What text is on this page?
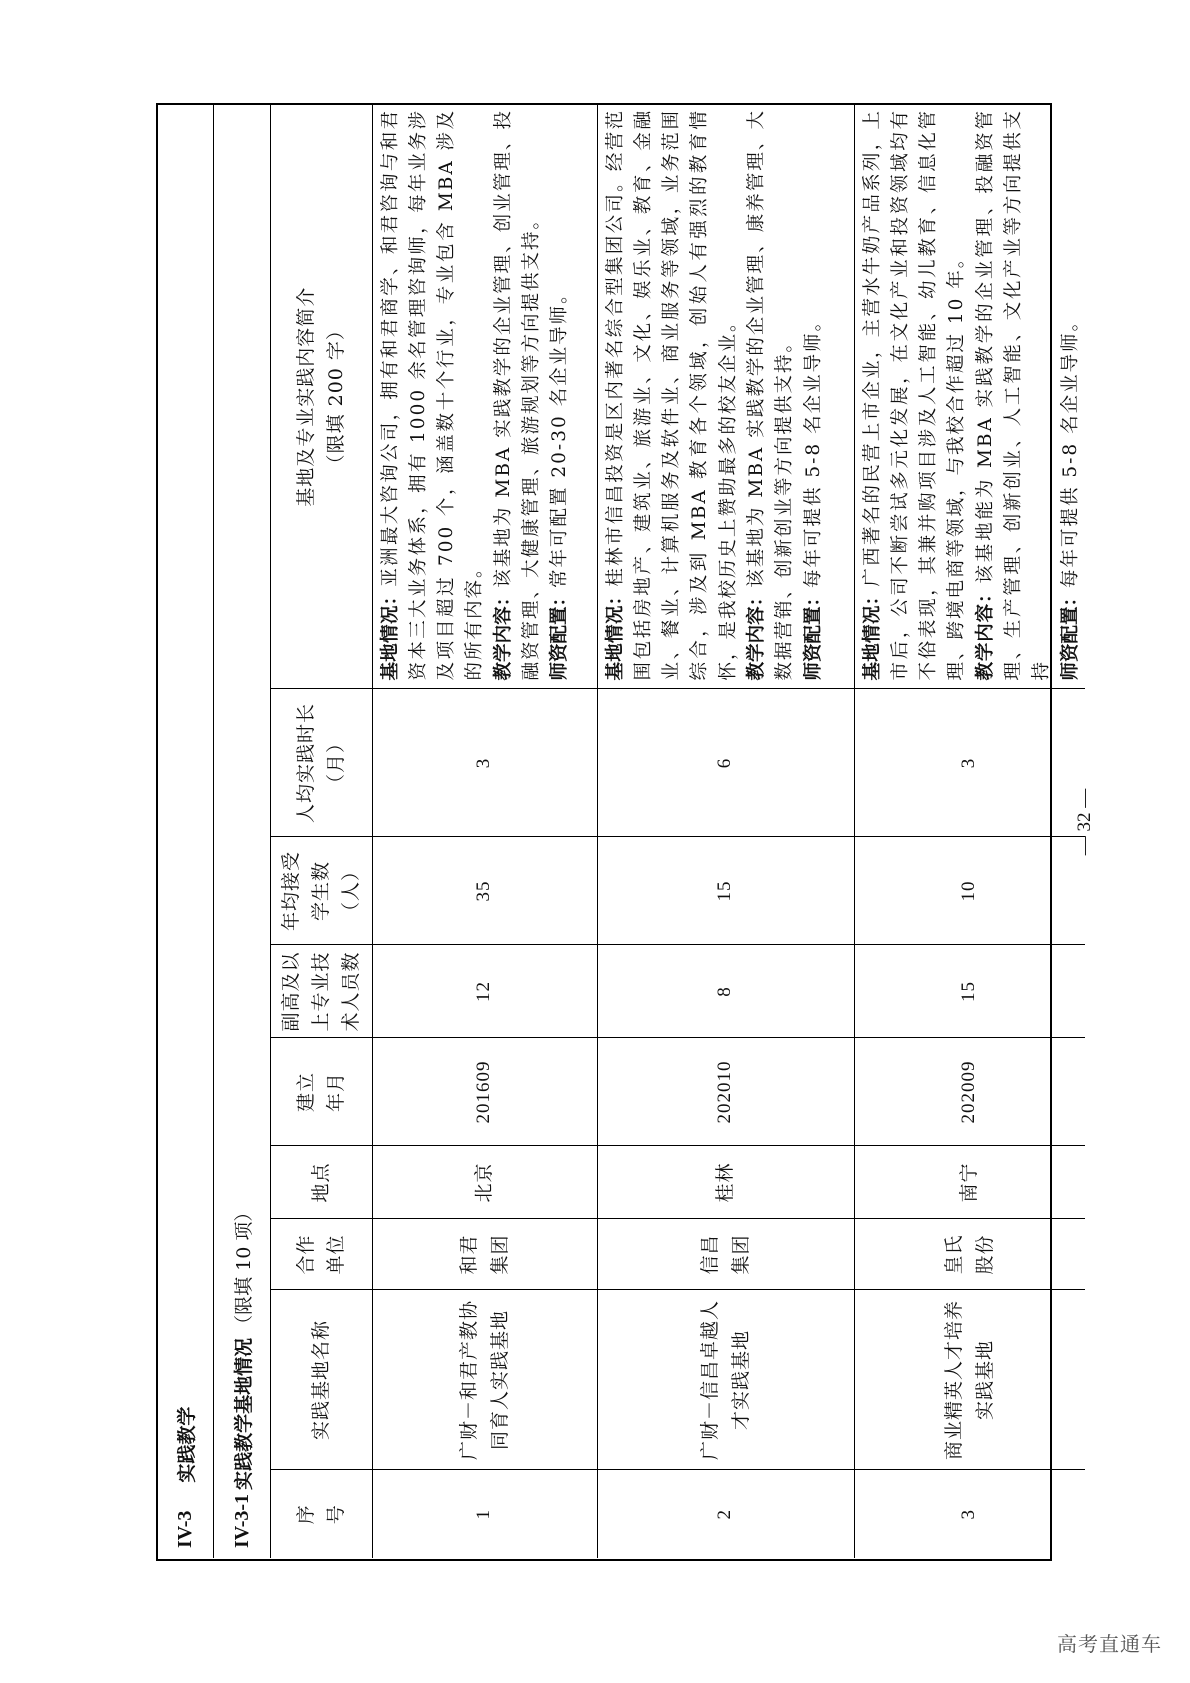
IV-3
实践教学
IV-3-1
实践教学基地情况
（限填 10 项）
序 号	实践基地名称	合作 单位	地点	建立 年月	副高及以 上专业技 术人员数	年均接受 学生数 （人）	人均实践时长 （月）	基地及专业实践内容简介 （限填 200 字）

1	广财－和君产教协同育人实践基地	和君集团	北京	201609	12	35	3	基地情况：亚洲最大咨询公司，拥有和君商学、和君咨询与和君资本三大业务体系，拥有 1000 余名管理咨询师，每年业务涉及项目超过 700 个，涵盖数十个行业，专业包含 MBA 涉及的所有内容。 教学内容：该基地为 MBA 实践教学的企业管理、创业管理、投融资管理、大健康管理、旅游规划等方向提供支持。 师资配置：常年可配置 20-30 名企业导师。

2	广财－信昌卓越人才实践基地	信昌集团	桂林	202010	8	15	6	基地情况：桂林市信昌投资是区内著名综合型集团公司。经营范围包括房地产、建筑业、旅游业、文化、娱乐业、教育、金融业、餐业、计算机服务及软件业、商业服务等领域，业务范围综合，涉及到 MBA 教育各个领域，创始人有强烈的教育情怀，是我校历史上赞助最多的校友企业。 教学内容：该基地为 MBA 实践教学的企业管理、康养管理、大数据营销、创新创业等方向提供支持。 师资配置：每年可提供 5-8 名企业导师。

3	商业精英人才培养实践基地	皇氏股份	南宁	202009	15	10	3	基地情况：广西著名的民营上市企业，主营水牛奶产品系列，上市后，公司不断尝试多元化发展，在文化产业和投资领域均有不俗表现，其兼并购项目涉及人工智能、幼儿教育、信息化管理、跨境电商等领域，与我校合作超过 10 年。 教学内容：该基地能为 MBA 实践教学的企业管理、投融资管理、生产管理、创新创业、人工智能、文化产业等方向提供支持 师资配置：每年可提供 5-8 名企业导师。

— 32 —
高考直通车
